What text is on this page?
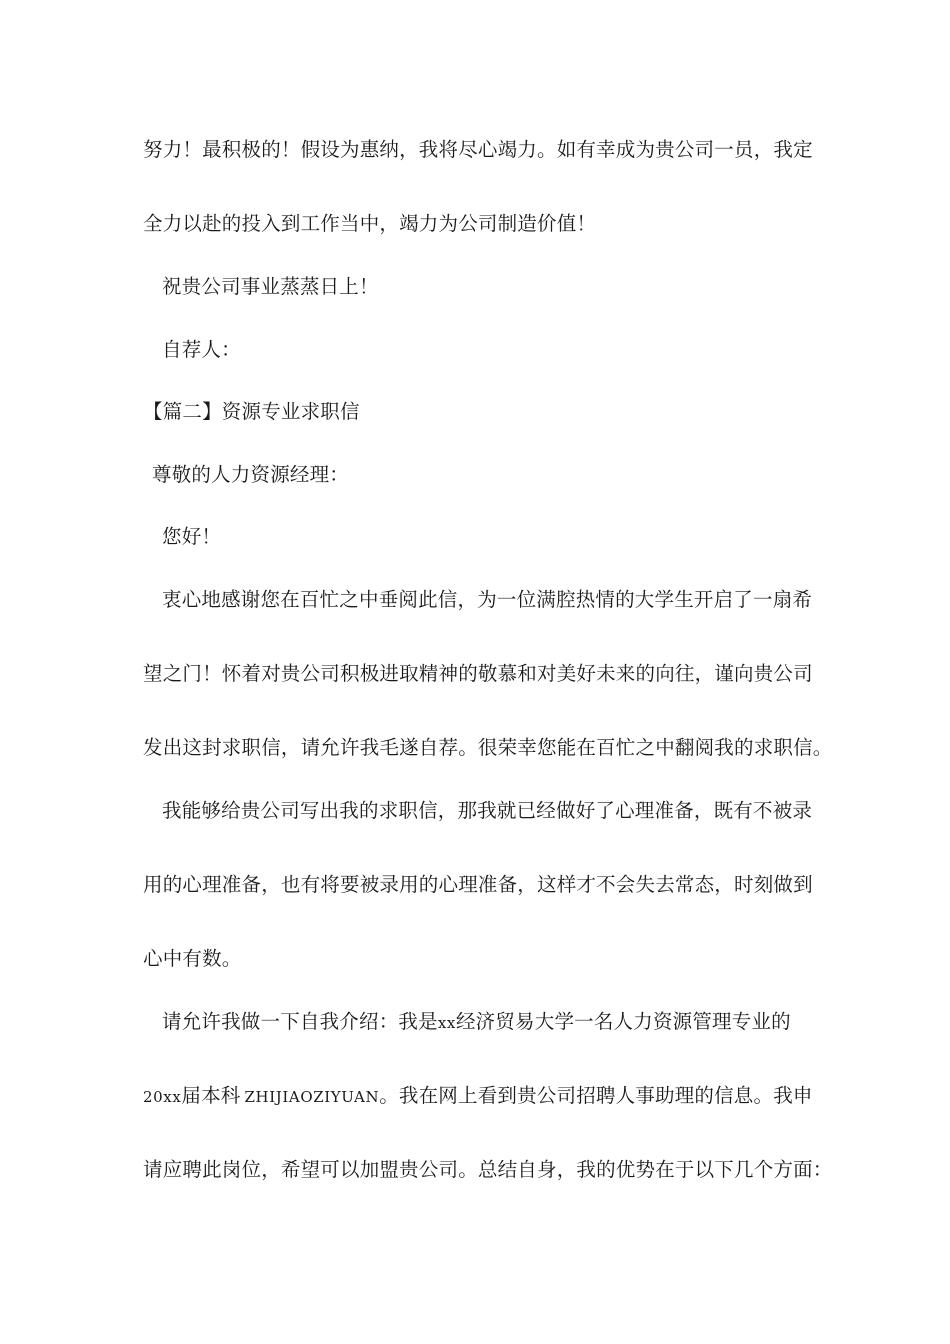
努力！最积极的！假设为惠纳，我将尽心竭力。如有幸成为贵公司一员，我定
全力以赴的投入到工作当中，竭力为公司制造价值！
祝贵公司事业蒸蒸日上！
自荐人：
【篇二】资源专业求职信
尊敬的人力资源经理：
您好！
衷心地感谢您在百忙之中垂阅此信，为一位满腔热情的大学生开启了一扇希
望之门！怀着对贵公司积极进取精神的敬慕和对美好未来的向往，谨向贵公司
发出这封求职信，请允许我毛遂自荐。很荣幸您能在百忙之中翻阅我的求职信。
我能够给贵公司写出我的求职信，那我就已经做好了心理准备，既有不被录
用的心理准备，也有将要被录用的心理准备，这样才不会失去常态，时刻做到
心中有数。
请允许我做一下自我介绍：我是xx经济贸易大学一名人力资源管理专业的
20xx届本科 ZHIJIAOZIYUAN。我在网上看到贵公司招聘人事助理的信息。我申
请应聘此岗位，希望可以加盟贵公司。总结自身，我的优势在于以下几个方面：
